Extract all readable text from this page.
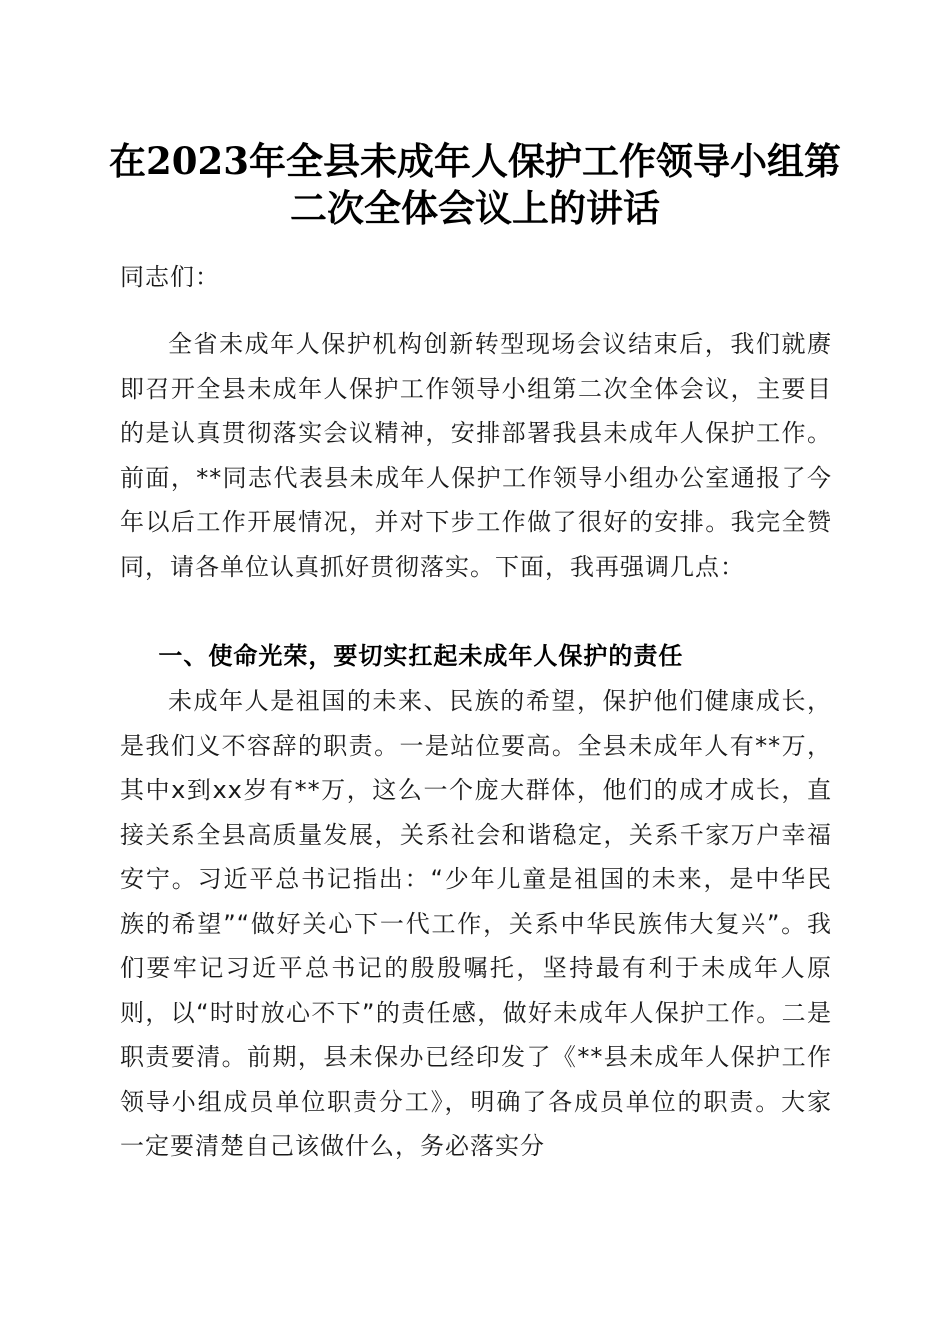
在2023年全县未成年人保护工作领导小组第
二次全体会议上的讲话

同志们：

全省未成年人保护机构创新转型现场会议结束后，我们就赓即召开全县未成年人保护工作领导小组第二次全体会议，主要目的是认真贯彻落实会议精神，安排部署我县未成年人保护工作。前面，**同志代表县未成年人保护工作领导小组办公室通报了今年以后工作开展情况，并对下步工作做了很好的安排。我完全赞同，请各单位认真抓好贯彻落实。下面，我再强调几点：

一、使命光荣，要切实扛起未成年人保护的责任

未成年人是祖国的未来、民族的希望，保护他们健康成长，是我们义不容辞的职责。一是站位要高。全县未成年人有**万，其中x到xx岁有**万，这么一个庞大群体，他们的成才成长，直接关系全县高质量发展，关系社会和谐稳定，关系千家万户幸福安宁。习近平总书记指出：“少年儿童是祖国的未来，是中华民族的希望”“做好关心下一代工作，关系中华民族伟大复兴”。我们要牢记习近平总书记的殷殷嘱托，坚持最有利于未成年人原则，以“时时放心不下”的责任感，做好未成年人保护工作。二是职责要清。前期，县未保办已经印发了《**县未成年人保护工作领导小组成员单位职责分工》，明确了各成员单位的职责。大家一定要清楚自己该做什么，务必落实分
